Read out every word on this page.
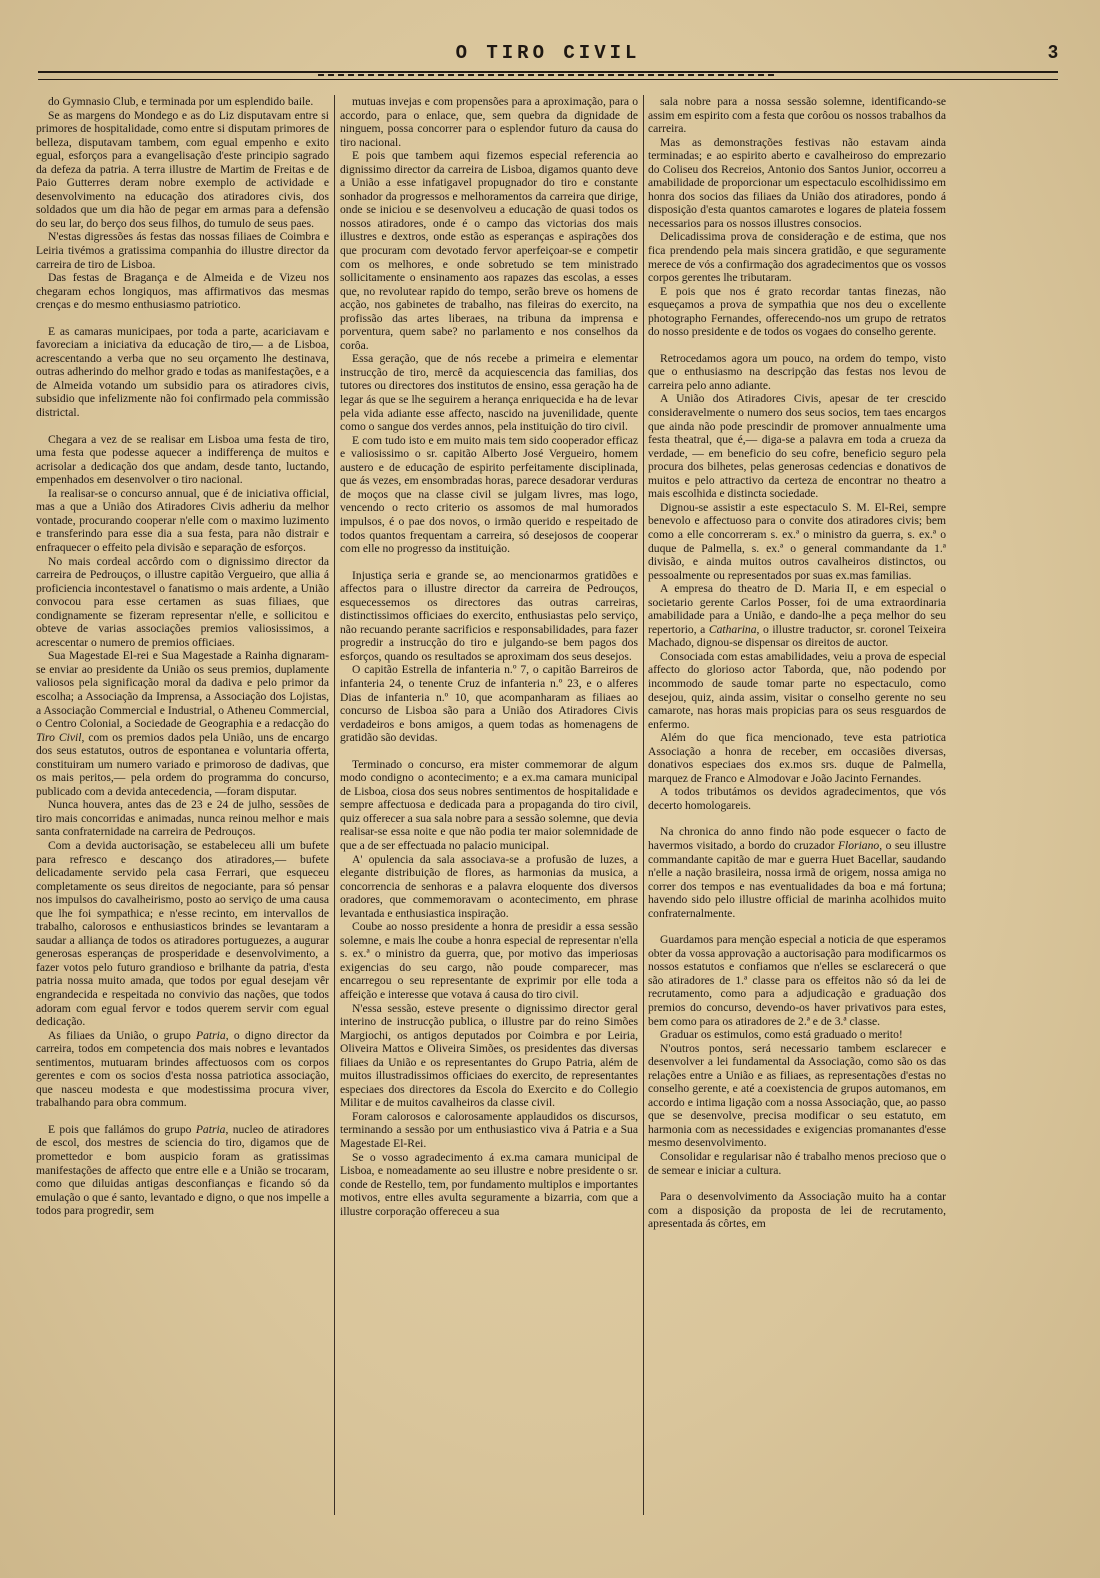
O TIRO CIVIL	3

do Gymnasio Club, e terminada por um esplendido baile.

Se as margens do Mondego e as do Liz disputavam entre si primores de hospitalidade, como entre si disputam primores de belleza, disputavam tambem, com egual empenho e exito egual, esforços para a evangelisação d'este principio sagrado da defeza da patria. A terra illustre de Martim de Freitas e de Paio Gutterres deram nobre exemplo de actividade e desenvolvimento na educação dos atiradores civis, dos soldados que um dia hão de pegar em armas para a defensão do seu lar, do berço dos seus filhos, do tumulo de seus paes.

N'estas digressões ás festas das nossas filiaes de Coimbra e Leiria tivémos a gratissima companhia do illustre director da carreira de tiro de Lisboa.

Das festas de Bragança e de Almeida e de Vizeu nos chegaram echos longiquos, mas affirmativos das mesmas crenças e do mesmo enthusiasmo patriotico.

E as camaras municipaes, por toda a parte, acariciavam e favoreciam a iniciativa da educação de tiro,— a de Lisboa, acrescentando a verba que no seu orçamento lhe destinava, outras adherindo do melhor grado e todas as manifestações, e a de Almeida votando um subsidio para os atiradores civis, subsidio que infelizmente não foi confirmado pela commissão districtal.

Chegara a vez de se realisar em Lisboa uma festa de tiro, uma festa que podesse aquecer a indifferença de muitos e acrisolar a dedicação dos que andam, desde tanto, luctando, empenhados em desenvolver o tiro nacional.

Ia realisar-se o concurso annual, que é de iniciativa official, mas a que a União dos Atiradores Civis adheriu da melhor vontade, procurando cooperar n'elle com o maximo luzimento e transferindo para esse dia a sua festa, para não distrair e enfraquecer o effeito pela divisão e separação de esforços.

No mais cordeal accôrdo com o dignissimo director da carreira de Pedrouços, o illustre capitão Vergueiro, que allia á proficiencia incontestavel o fanatismo o mais ardente, a União convocou para esse certamen as suas filiaes, que condignamente se fizeram representar n'elle, e sollicitou e obteve de varias associações premios valiosissimos, a acrescentar o numero de premios officiaes.

Sua Magestade El-rei e Sua Magestade a Rainha dignaram-se enviar ao presidente da União os seus premios, duplamente valiosos pela significação moral da dadiva e pelo primor da escolha; a Associação da Imprensa, a Associação dos Lojistas, a Associação Commercial e Industrial, o Atheneu Commercial, o Centro Colonial, a Sociedade de Geographia e a redacção do Tiro Civil, com os premios dados pela União, uns de encargo dos seus estatutos, outros de espontanea e voluntaria offerta, constituiram um numero variado e primoroso de dadivas, que os mais peritos,— pela ordem do programma do concurso, publicado com a devida antecedencia, —foram disputar.

Nunca houvera, antes das de 23 e 24 de julho, sessões de tiro mais concorridas e animadas, nunca reinou melhor e mais santa confraternidade na carreira de Pedrouços.

Com a devida auctorisação, se estabeleceu alli um bufete para refresco e descanço dos atiradores,— bufete delicadamente servido pela casa Ferrari, que esqueceu completamente os seus direitos de negociante, para só pensar nos impulsos do cavalheirismo, posto ao serviço de uma causa que lhe foi sympathica; e n'esse recinto, em intervallos de trabalho, calorosos e enthusiasticos brindes se levantaram a saudar a alliança de todos os atiradores portuguezes, a augurar generosas esperanças de prosperidade e desenvolvimento, a fazer votos pelo futuro grandioso e brilhante da patria, d'esta patria nossa muito amada, que todos por egual desejam vêr engrandecida e respeitada no convivio das nações, que todos adoram com egual fervor e todos querem servir com egual dedicação.

As filiaes da União, o grupo Patria, o digno director da carreira, todos em competencia dos mais nobres e levantados sentimentos, mutuaram brindes affectuosos com os corpos gerentes e com os socios d'esta nossa patriotica associação, que nasceu modesta e que modestissima procura viver, trabalhando para obra commum.

E pois que fallámos do grupo Patria, nucleo de atiradores de escol, dos mestres de sciencia do tiro, digamos que de promettedor e bom auspicio foram as gratissimas manifestações de affecto que entre elle e a União se trocaram, como que diluidas antigas desconfianças e ficando só da emulação o que é santo, levantado e digno, o que nos impelle a todos para progredir, sem

mutuas invejas e com propensões para a aproximação, para o accordo, para o enlace, que, sem quebra da dignidade de ninguem, possa concorrer para o esplendor futuro da causa do tiro nacional.

E pois que tambem aqui fizemos especial referencia ao dignissimo director da carreira de Lisboa, digamos quanto deve a União a esse infatigavel propugnador do tiro e constante sonhador da progressos e melhoramentos da carreira que dirige, onde se iniciou e se desenvolveu a educação de quasi todos os nossos atiradores, onde é o campo das victorias dos mais illustres e dextros, onde estão as esperanças e aspirações dos que procuram com devotado fervor aperfeiçoar-se e competir com os melhores, e onde sobretudo se tem ministrado sollicitamente o ensinamento aos rapazes das escolas, a esses que, no revolutear rapido do tempo, serão breve os homens de acção, nos gabinetes de trabalho, nas fileiras do exercito, na profissão das artes liberaes, na tribuna da imprensa e porventura, quem sabe? no parlamento e nos conselhos da corôa.

Essa geração, que de nós recebe a primeira e elementar instrucção de tiro, mercê da acquiescencia das familias, dos tutores ou directores dos institutos de ensino, essa geração ha de legar ás que se lhe seguirem a herança enriquecida e ha de levar pela vida adiante esse affecto, nascido na juvenilidade, quente como o sangue dos verdes annos, pela instituição do tiro civil.

E com tudo isto e em muito mais tem sido cooperador efficaz e valiosissimo o sr. capitão Alberto José Vergueiro, homem austero e de educação de espirito perfeitamente disciplinada, que ás vezes, em ensombradas horas, parece desadorar verduras de moços que na classe civil se julgam livres, mas logo, vencendo o recto criterio os assomos de mal humorados impulsos, é o pae dos novos, o irmão querido e respeitado de todos quantos frequentam a carreira, só desejosos de cooperar com elle no progresso da instituição.

Injustiça seria e grande se, ao mencionarmos gratidões e affectos para o illustre director da carreira de Pedrouços, esquecessemos os directores das outras carreiras, distinctissimos officiaes do exercito, enthusiastas pelo serviço, não recuando perante sacrificios e responsabilidades, para fazer progredir a instrucção do tiro e julgando-se bem pagos dos esforços, quando os resultados se aproximam dos seus desejos.

O capitão Estrella de infanteria n.º 7, o capitão Barreiros de infanteria 24, o tenente Cruz de infanteria n.º 23, e o alferes Dias de infanteria n.º 10, que acompanharam as filiaes ao concurso de Lisboa são para a União dos Atiradores Civis verdadeiros e bons amigos, a quem todas as homenagens de gratidão são devidas.

Terminado o concurso, era mister commemorar de algum modo condigno o acontecimento; e a ex.ma camara municipal de Lisboa, ciosa dos seus nobres sentimentos de hospitalidade e sempre affectuosa e dedicada para a propaganda do tiro civil, quiz offerecer a sua sala nobre para a sessão solemne, que devia realisar-se essa noite e que não podia ter maior solemnidade de que a de ser effectuada no palacio municipal.

A' opulencia da sala associava-se a profusão de luzes, a elegante distribuição de flores, as harmonias da musica, a concorrencia de senhoras e a palavra eloquente dos diversos oradores, que commemoravam o acontecimento, em phrase levantada e enthusiastica inspiração.

Coube ao nosso presidente a honra de presidir a essa sessão solemne, e mais lhe coube a honra especial de representar n'ella s. ex.ª o ministro da guerra, que, por motivo das imperiosas exigencias do seu cargo, não poude comparecer, mas encarregou o seu representante de exprimir por elle toda a affeição e interesse que votava á causa do tiro civil.

N'essa sessão, esteve presente o dignissimo director geral interino de instrucção publica, o illustre par do reino Simões Margiochi, os antigos deputados por Coimbra e por Leiria, Oliveira Mattos e Oliveira Simões, os presidentes das diversas filiaes da União e os representantes do Grupo Patria, além de muitos illustradissimos officiaes do exercito, de representantes especiaes dos directores da Escola do Exercito e do Collegio Militar e de muitos cavalheiros da classe civil.

Foram calorosos e calorosamente applaudidos os discursos, terminando a sessão por um enthusiastico viva á Patria e a Sua Magestade El-Rei.

Se o vosso agradecimento á ex.ma camara municipal de Lisboa, e nomeadamente ao seu illustre e nobre presidente o sr. conde de Restello, tem, por fundamento multiplos e importantes motivos, entre elles avulta seguramente a bizarria, com que a illustre corporação offereceu a sua

sala nobre para a nossa sessão solemne, identificando-se assim em espirito com a festa que corôou os nossos trabalhos da carreira.

Mas as demonstrações festivas não estavam ainda terminadas; e ao espirito aberto e cavalheiroso do emprezario do Coliseu dos Recreios, Antonio dos Santos Junior, occorreu a amabilidade de proporcionar um espectaculo escolhidissimo em honra dos socios das filiaes da União dos atiradores, pondo á disposição d'esta quantos camarotes e logares de plateia fossem necessarios para os nossos illustres consocios.

Delicadissima prova de consideração e de estima, que nos fica prendendo pela mais sincera gratidão, e que seguramente merece de vós a confirmação dos agradecimentos que os vossos corpos gerentes lhe tributaram.

E pois que nos é grato recordar tantas finezas, não esqueçamos a prova de sympathia que nos deu o excellente photographo Fernandes, offerecendo-nos um grupo de retratos do nosso presidente e de todos os vogaes do conselho gerente.

Retrocedamos agora um pouco, na ordem do tempo, visto que o enthusiasmo na descripção das festas nos levou de carreira pelo anno adiante.

A União dos Atiradores Civis, apesar de ter crescido consideravelmente o numero dos seus socios, tem taes encargos que ainda não pode prescindir de promover annualmente uma festa theatral, que é,— diga-se a palavra em toda a crueza da verdade, — em beneficio do seu cofre, beneficio seguro pela procura dos bilhetes, pelas generosas cedencias e donativos de muitos e pelo attractivo da certeza de encontrar no theatro a mais escolhida e distincta sociedade.

Dignou-se assistir a este espectaculo S. M. El-Rei, sempre benevolo e affectuoso para o convite dos atiradores civis; bem como a elle concorreram s. ex.ª o ministro da guerra, s. ex.ª o duque de Palmella, s. ex.ª o general commandante da 1.ª divisão, e ainda muitos outros cavalheiros distinctos, ou pessoalmente ou representados por suas ex.mas familias.

A empresa do theatro de D. Maria II, e em especial o societario gerente Carlos Posser, foi de uma extraordinaria amabilidade para a União, e dando-lhe a peça melhor do seu repertorio, a Catharina, o illustre traductor, sr. coronel Teixeira Machado, dignou-se dispensar os direitos de auctor.

Consociada com estas amabilidades, veiu a prova de especial affecto do glorioso actor Taborda, que, não podendo por incommodo de saude tomar parte no espectaculo, como desejou, quiz, ainda assim, visitar o conselho gerente no seu camarote, nas horas mais propicias para os seus resguardos de enfermo.

Além do que fica mencionado, teve esta patriotica Associação a honra de receber, em occasiões diversas, donativos especiaes dos ex.mos srs. duque de Palmella, marquez de Franco e Almodovar e João Jacinto Fernandes.

A todos tributámos os devidos agradecimentos, que vós decerto homologareis.

Na chronica do anno findo não pode esquecer o facto de havermos visitado, a bordo do cruzador Floriano, o seu illustre commandante capitão de mar e guerra Huet Bacellar, saudando n'elle a nação brasileira, nossa irmã de origem, nossa amiga no correr dos tempos e nas eventualidades da boa e má fortuna; havendo sido pelo illustre official de marinha acolhidos muito confraternalmente.

Guardamos para menção especial a noticia de que esperamos obter da vossa approvação a auctorisação para modificarmos os nossos estatutos e confiamos que n'elles se esclarecerá o que são atiradores de 1.ª classe para os effeitos não só da lei de recrutamento, como para a adjudicação e graduação dos premios do concurso, devendo-os haver privativos para estes, bem como para os atiradores de 2.ª e de 3.ª classe.

Graduar os estimulos, como está graduado o merito!

N'outros pontos, será necessario tambem esclarecer e desenvolver a lei fundamental da Associação, como são os das relações entre a União e as filiaes, as representações d'estas no conselho gerente, e até a coexistencia de grupos automanos, em accordo e intima ligação com a nossa Associação, que, ao passo que se desenvolve, precisa modificar o seu estatuto, em harmonia com as necessidades e exigencias promanantes d'esse mesmo desenvolvimento.

Consolidar e regularisar não é trabalho menos precioso que o de semear e iniciar a cultura.

Para o desenvolvimento da Associação muito ha a contar com a disposição da proposta de lei de recrutamento, apresentada ás côrtes, em
